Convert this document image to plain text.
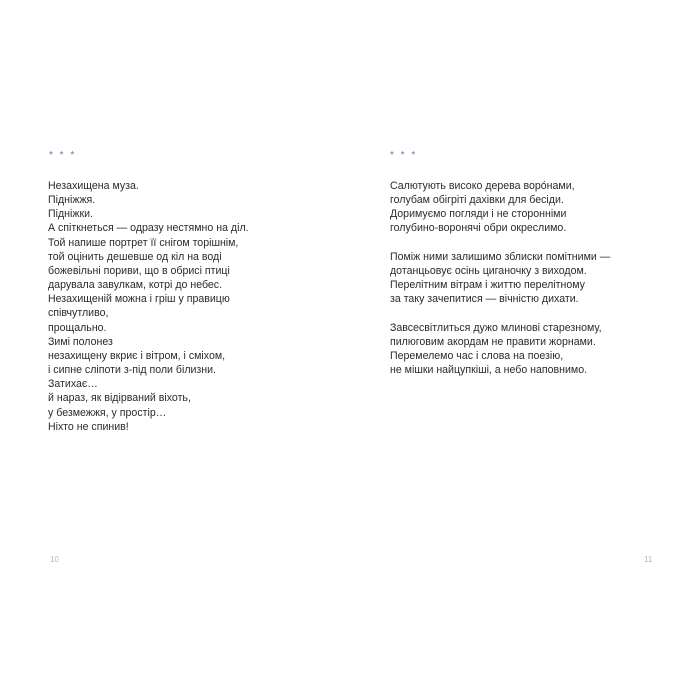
* * *
Незахищена муза.
Підніжжя.
Підніжки.
А спіткнеться — одразу нестямно на діл.
Той напише портрет її снігом торішнім,
той оцінить дешевше од кіл на воді
божевільні пориви, що в обрисі птиці
дарувала завулкам, котрі до небес.
Незахищеній можна і гріш у правицю
співчутливо,
прощально.
Зимі полонез
незахищену вкриє і вітром, і сміхом,
і сипне сліпоти з-під поли білизни.
Затихає…
й нараз, як відірваний віхоть,
у безмежжя, у простір…
Ніхто не спинив!
10
* * *
Салютують високо дерева воро́нами,
голубам обігріті дахівки для бесіди.
Доримуємо погляди і не сторонніми
голубино-воронячі обри окреслимо.
Поміж ними залишимо зблиски помітними —
дотанцьовує осінь циганочку з виходом.
Перелітним вітрам і життю перелітному
за таку зачепитися — вічністю дихати.
Завсесвітлиться дужо млинові старезному,
пилюговим акордам не правити жорнами.
Перемелемо час і слова на поезію,
не мішки найцупкіші, а небо наповнимо.
11
